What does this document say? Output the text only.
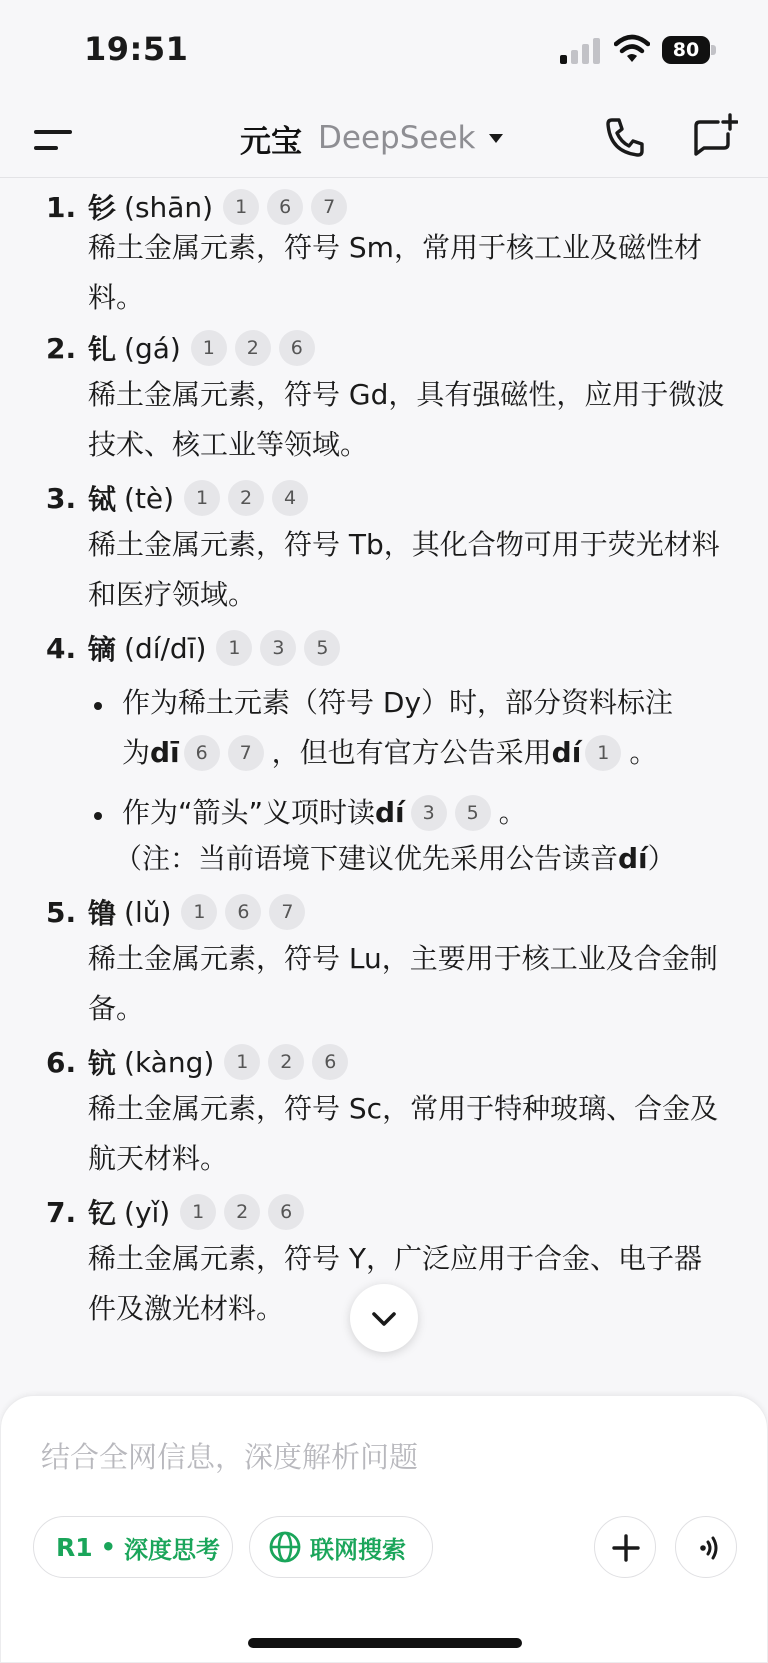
19:51	80
元宝 DeepSeek
1. 钐 (shān)	1	6	7
稀土金属元素，符号 Sm，常用于核工业及磁性材料。
2. 钆 (gá)	1	2	6
稀土金属元素，符号 Gd，具有强磁性，应用于微波技术、核工业等领域。
3. 铽 (tè)	1	2	4
稀土金属元素，符号 Tb，其化合物可用于荧光材料和医疗领域。
4. 镝 (dí/dī)	1	3	5
作为稀土元素（符号 Dy）时，部分资料标注
为 dī 6	7 ，但也有官方公告采用 dí 1 。
作为“箭头”义项时读 dí 3	5 。
（注：当前语境下建议优先采用公告读音 dí ）
5. 镥 (lǔ)	1	6	7
稀土金属元素，符号 Lu，主要用于核工业及合金制备。
6. 钪 (kàng)	1	2	6
稀土金属元素，符号 Sc，常用于特种玻璃、合金及航天材料。
7. 钇 (yǐ)	1	2	6
稀土金属元素，符号 Y，广泛应用于合金、电子器件及激光材料。
结合全网信息，深度解析问题
R1 • 深度思考	联网搜索
